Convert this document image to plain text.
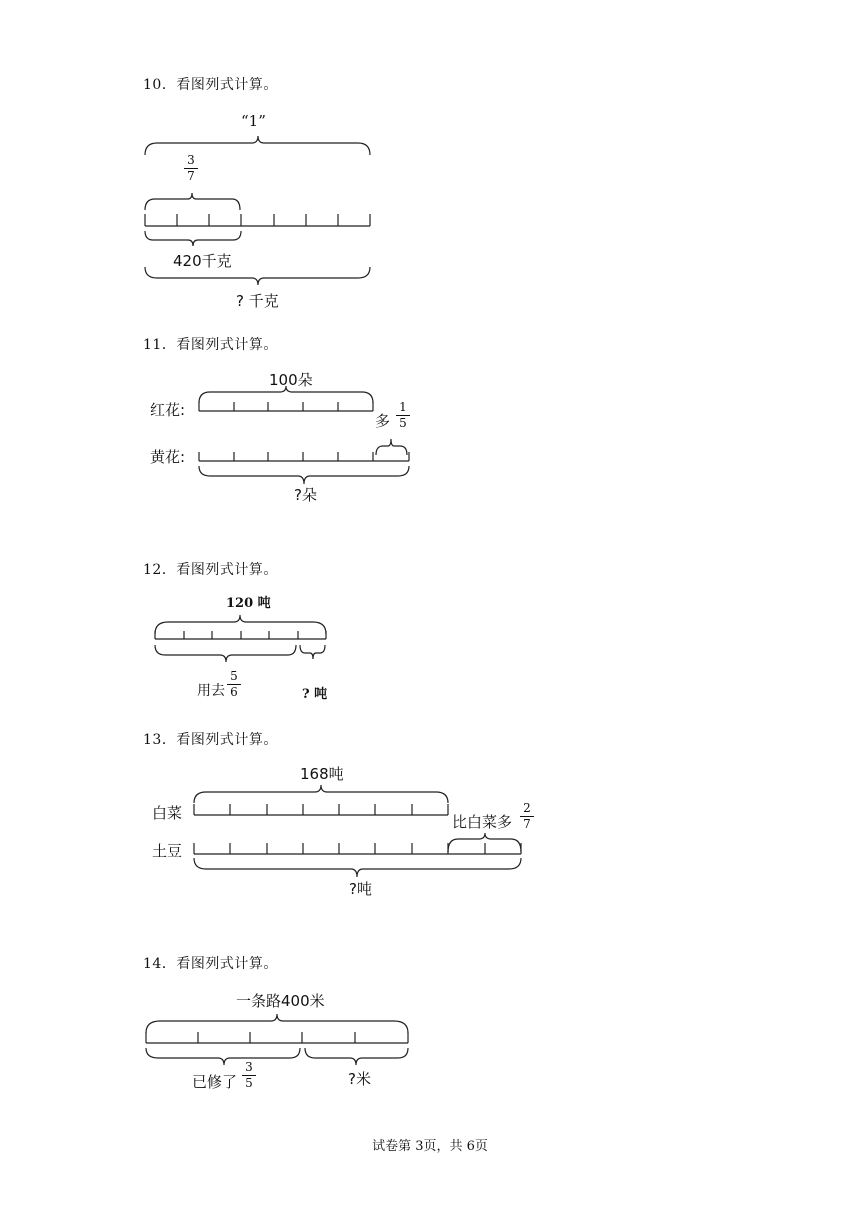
10．看图列式计算。
“1”
3
7
420千克
? 千克
11．看图列式计算。
100朵
红花:
黄花:
多
1
5
?朵
12．看图列式计算。
120 吨
用去
5
6	? 吨
13．看图列式计算。
168吨
白菜
土豆
比白菜多
2
7
?吨
14．看图列式计算。
一条路400米
已修了
3
5	?米
试卷第 3页，共 6页
